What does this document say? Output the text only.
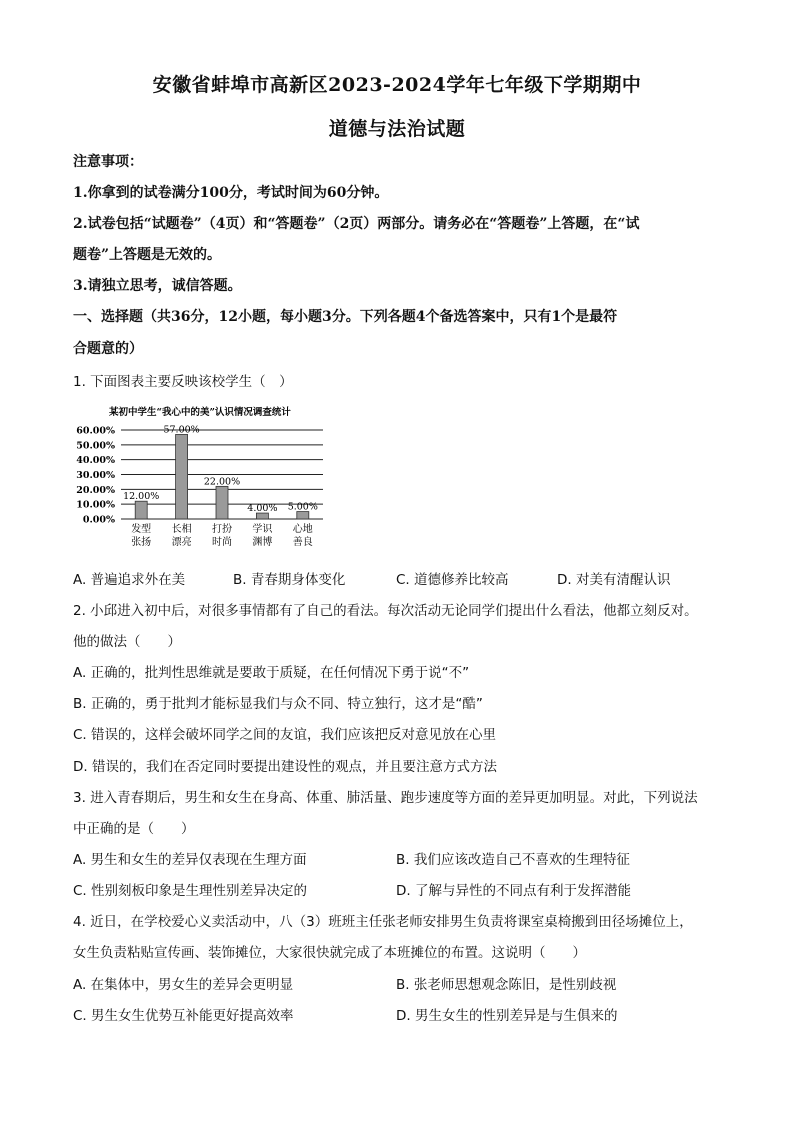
安徽省蚌埠市高新区2023-2024学年七年级下学期期中
道德与法治试题
注意事项：
1.你拿到的试卷满分100分，考试时间为60分钟。
2.试卷包括“试题卷”（4页）和“答题卷”（2页）两部分。请务必在“答题卷”上答题，在“试
题卷”上答题是无效的。
3.请独立思考，诚信答题。
一、选择题（共36分，12小题，每小题3分。下列各题4个备选答案中，只有1个是最符
合题意的）
1. 下面图表主要反映该校学生（　）
某初中学生“我心中的美”认识情况调查统计
0.00%
10.00%
20.00%
30.00%
40.00%
50.00%
60.00%
12.00%
57.00%
22.00%
4.00% 5.00%
发型
张扬
长相
漂亮
打扮
时尚
学识
渊博
心地
善良
A. 普遍追求外在美	B. 青春期身体变化	C. 道德修养比较高	D. 对美有清醒认识
2. 小邱进入初中后，对很多事情都有了自己的看法。每次活动无论同学们提出什么看法，他都立刻反对。
他的做法（　　）
A. 正确的，批判性思维就是要敢于质疑，在任何情况下勇于说“不”
B. 正确的，勇于批判才能标显我们与众不同、特立独行，这才是“酷”
C. 错误的，这样会破坏同学之间的友谊，我们应该把反对意见放在心里
D. 错误的，我们在否定同时要提出建设性的观点，并且要注意方式方法
3. 进入青春期后，男生和女生在身高、体重、肺活量、跑步速度等方面的差异更加明显。对此，下列说法
中正确的是（　　）
A. 男生和女生的差异仅表现在生理方面	B. 我们应该改造自己不喜欢的生理特征
C. 性别刻板印象是生理性别差异决定的	D. 了解与异性的不同点有利于发挥潜能
4. 近日，在学校爱心义卖活动中，八（3）班班主任张老师安排男生负责将课室桌椅搬到田径场摊位上，
女生负责粘贴宣传画、装饰摊位，大家很快就完成了本班摊位的布置。这说明（　　）
A. 在集体中，男女生的差异会更明显	B. 张老师思想观念陈旧，是性别歧视
C. 男生女生优势互补能更好提高效率	D. 男生女生的性别差异是与生俱来的
